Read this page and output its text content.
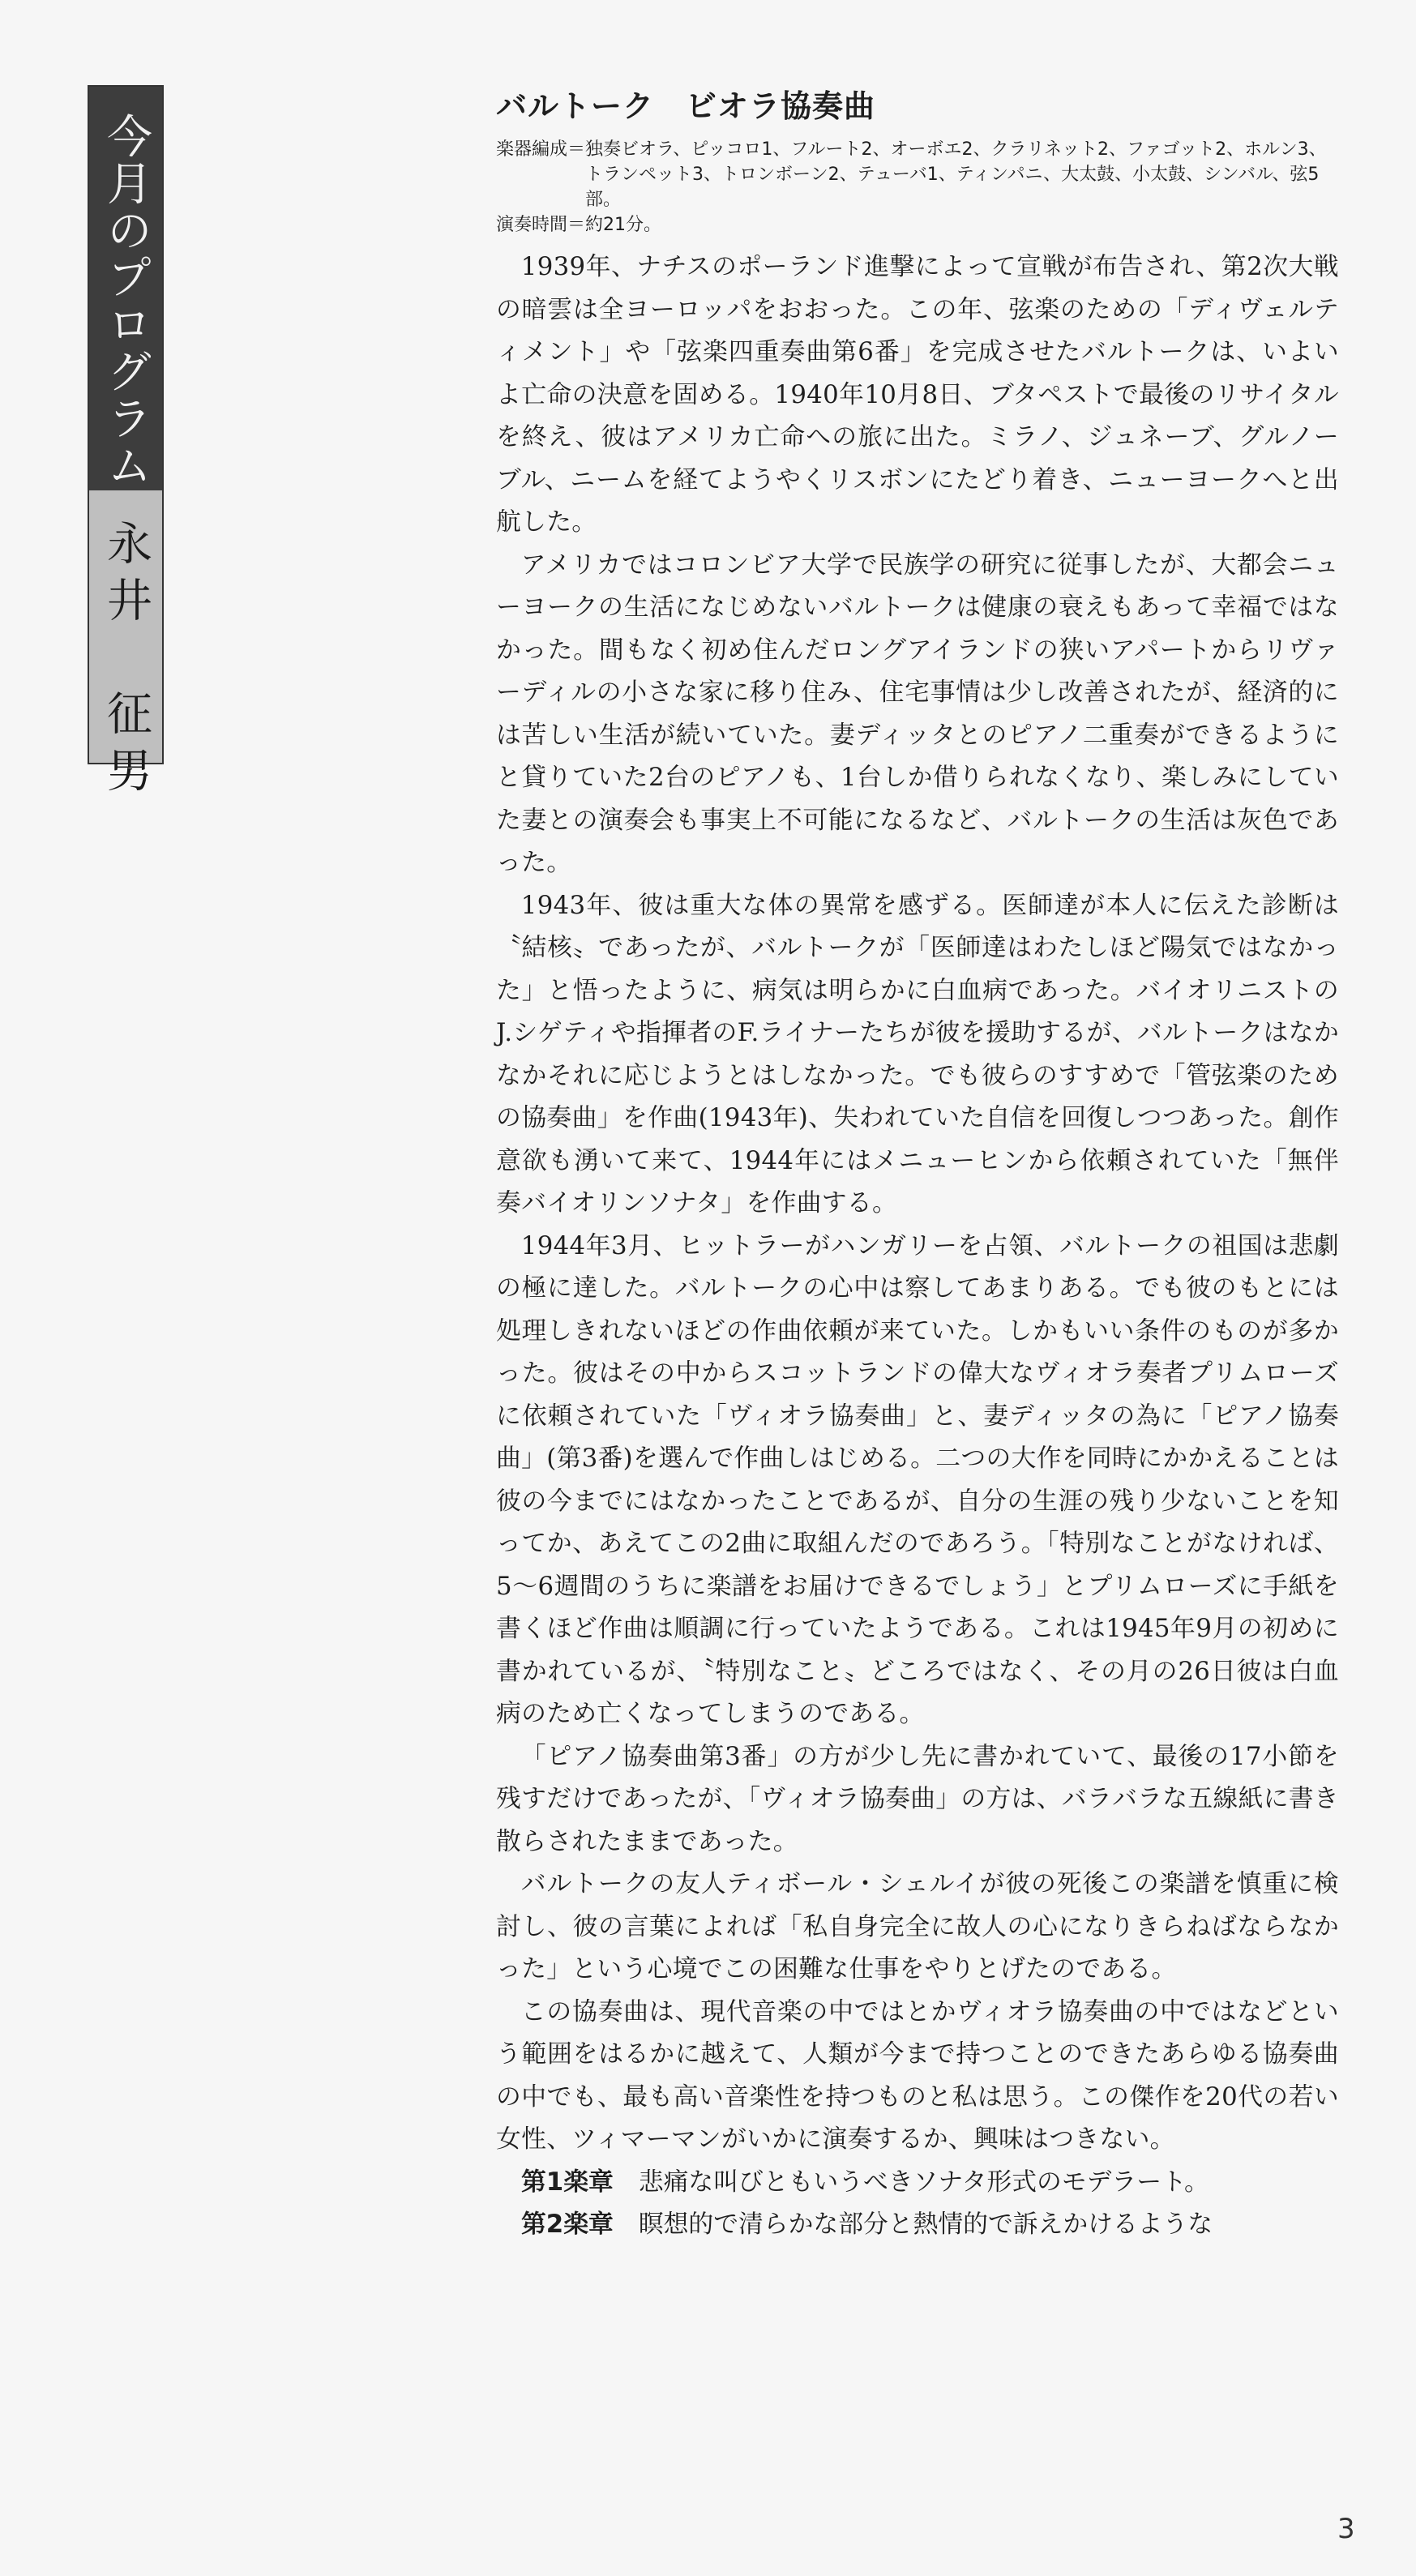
今月のプログラム
永井　征男
バルトーク　ビオラ協奏曲
楽器編成＝ 独奏ビオラ、ピッコロ1、フルート2、オーボエ2、クラリネット2、ファゴット2、ホルン3、トランペット3、トロンボーン2、テューバ1、ティンパニ、大太鼓、小太鼓、シンバル、弦5部。
演奏時間＝ 約21分。

1939年、ナチスのポーランド進撃によって宣戦が布告され、第2次大戦の暗雲は全ヨーロッパをおおった。この年、弦楽のための「ディヴェルティメント」や「弦楽四重奏曲第6番」を完成させたバルトークは、いよいよ亡命の決意を固める。1940年10月8日、ブタペストで最後のリサイタルを終え、彼はアメリカ亡命への旅に出た。ミラノ、ジュネーブ、グルノーブル、ニームを経てようやくリスボンにたどり着き、ニューヨークへと出航した。

アメリカではコロンビア大学で民族学の研究に従事したが、大都会ニューヨークの生活になじめないバルトークは健康の衰えもあって幸福ではなかった。間もなく初め住んだロングアイランドの狭いアパートからリヴァーディルの小さな家に移り住み、住宅事情は少し改善されたが、経済的には苦しい生活が続いていた。妻ディッタとのピアノ二重奏ができるようにと貸りていた2台のピアノも、1台しか借りられなくなり、楽しみにしていた妻との演奏会も事実上不可能になるなど、バルトークの生活は灰色であった。

1943年、彼は重大な体の異常を感ずる。医師達が本人に伝えた診断は〝結核〟であったが、バルトークが「医師達はわたしほど陽気ではなかった」と悟ったように、病気は明らかに白血病であった。バイオリニストのJ.シゲティや指揮者のF.ライナーたちが彼を援助するが、バルトークはなかなかそれに応じようとはしなかった。でも彼らのすすめで「管弦楽のための協奏曲」を作曲(1943年)、失われていた自信を回復しつつあった。創作意欲も湧いて来て、1944年にはメニューヒンから依頼されていた「無伴奏バイオリンソナタ」を作曲する。

1944年3月、ヒットラーがハンガリーを占領、バルトークの祖国は悲劇の極に達した。バルトークの心中は察してあまりある。でも彼のもとには処理しきれないほどの作曲依頼が来ていた。しかもいい条件のものが多かった。彼はその中からスコットランドの偉大なヴィオラ奏者プリムローズに依頼されていた「ヴィオラ協奏曲」と、妻ディッタの為に「ピアノ協奏曲」(第3番)を選んで作曲しはじめる。二つの大作を同時にかかえることは彼の今までにはなかったことであるが、自分の生涯の残り少ないことを知ってか、あえてこの2曲に取組んだのであろう。「特別なことがなければ、5〜6週間のうちに楽譜をお届けできるでしょう」とプリムローズに手紙を書くほど作曲は順調に行っていたようである。これは1945年9月の初めに書かれているが、〝特別なこと〟どころではなく、その月の26日彼は白血病のため亡くなってしまうのである。

「ピアノ協奏曲第3番」の方が少し先に書かれていて、最後の17小節を残すだけであったが、「ヴィオラ協奏曲」の方は、バラバラな五線紙に書き散らされたままであった。

バルトークの友人ティボール・シェルイが彼の死後この楽譜を慎重に検討し、彼の言葉によれば「私自身完全に故人の心になりきらねばならなかった」という心境でこの困難な仕事をやりとげたのである。

この協奏曲は、現代音楽の中ではとかヴィオラ協奏曲の中ではなどという範囲をはるかに越えて、人類が今まで持つことのできたあらゆる協奏曲の中でも、最も高い音楽性を持つものと私は思う。この傑作を20代の若い女性、ツィマーマンがいかに演奏するか、興味はつきない。

第1楽章 悲痛な叫びともいうべきソナタ形式のモデラート。
第2楽章 瞑想的で清らかな部分と熱情的で訴えかけるような
3
